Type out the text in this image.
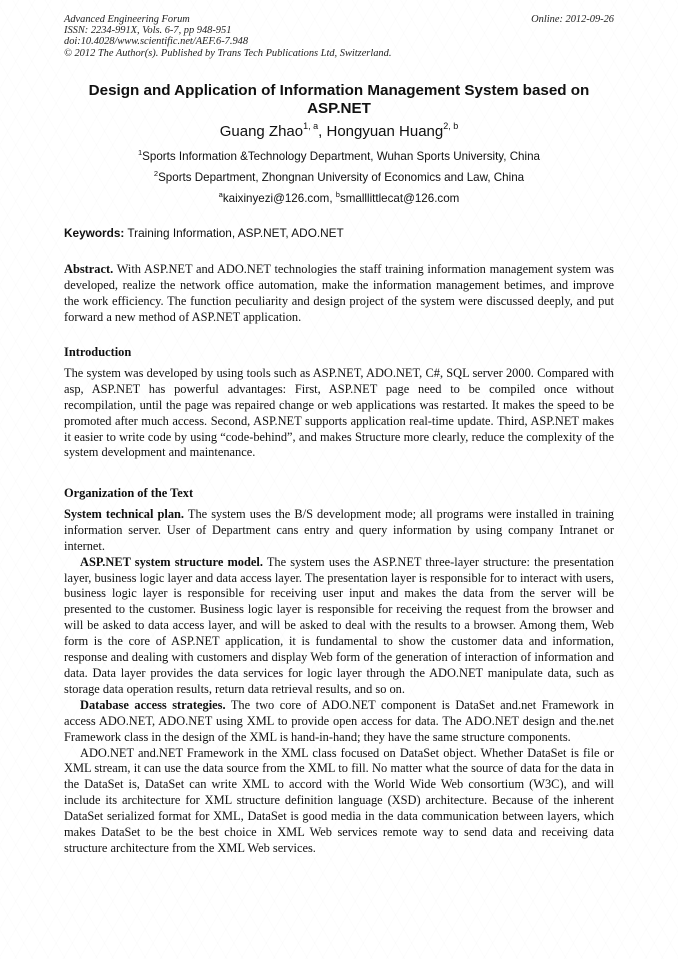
Advanced Engineering Forum
ISSN: 2234-991X, Vols. 6-7, pp 948-951
doi:10.4028/www.scientific.net/AEF.6-7.948
© 2012 The Author(s). Published by Trans Tech Publications Ltd, Switzerland.
Online: 2012-09-26
Design and Application of Information Management System based on
ASP.NET
Guang Zhao$^{1, a}$, Hongyuan Huang$^{2, b}$
$^1$Sports Information &Technology Department, Wuhan Sports University, China
$^2$Sports Department, Zhongnan University of Economics and Law, China
$^a$kaixinyezi@126.com, $^b$smalllittlecat@126.com
Keywords: Training Information, ASP.NET, ADO.NET

Abstract. With ASP.NET and ADO.NET technologies the staff training information management system was developed, realize the network office automation, make the information management betimes, and improve the work efficiency. The function peculiarity and design project of the system were discussed deeply, and put forward a new method of ASP.NET application.

Introduction

The system was developed by using tools such as ASP.NET, ADO.NET, C#, SQL server 2000. Compared with asp, ASP.NET has powerful advantages: First, ASP.NET page need to be compiled once without recompilation, until the page was repaired change or web applications was restarted. It makes the speed to be promoted after much access. Second, ASP.NET supports application real-time update. Third, ASP.NET makes it easier to write code by using “code-behind”, and makes Structure more clearly, reduce the complexity of the system development and maintenance.

Organization of the Text

System technical plan. The system uses the B/S development mode; all programs were installed in training information server. User of Department cans entry and query information by using company Intranet or internet.

ASP.NET system structure model. The system uses the ASP.NET three-layer structure: the presentation layer, business logic layer and data access layer. The presentation layer is responsible for to interact with users, business logic layer is responsible for receiving user input and makes the data from the server will be presented to the customer. Business logic layer is responsible for receiving the request from the browser and will be asked to data access layer, and will be asked to deal with the results to a browser. Among them, Web form is the core of ASP.NET application, it is fundamental to show the customer data and information, response and dealing with customers and display Web form of the generation of interaction of information and data. Data layer provides the data services for logic layer through the ADO.NET manipulate data, such as storage data operation results, return data retrieval results, and so on.

Database access strategies. The two core of ADO.NET component is DataSet and.net Framework in access ADO.NET, ADO.NET using XML to provide open access for data. The ADO.NET design and the.net Framework class in the design of the XML is hand-in-hand; they have the same structure components.

ADO.NET and.NET Framework in the XML class focused on DataSet object. Whether DataSet is file or XML stream, it can use the data source from the XML to fill. No matter what the source of data for the data in the DataSet is, DataSet can write XML to accord with the World Wide Web consortium (W3C), and will include its architecture for XML structure definition language (XSD) architecture. Because of the inherent DataSet serialized format for XML, DataSet is good media in the data communication between layers, which makes DataSet to be the best choice in XML Web services remote way to send data and receiving data structure architecture from the XML Web services.
